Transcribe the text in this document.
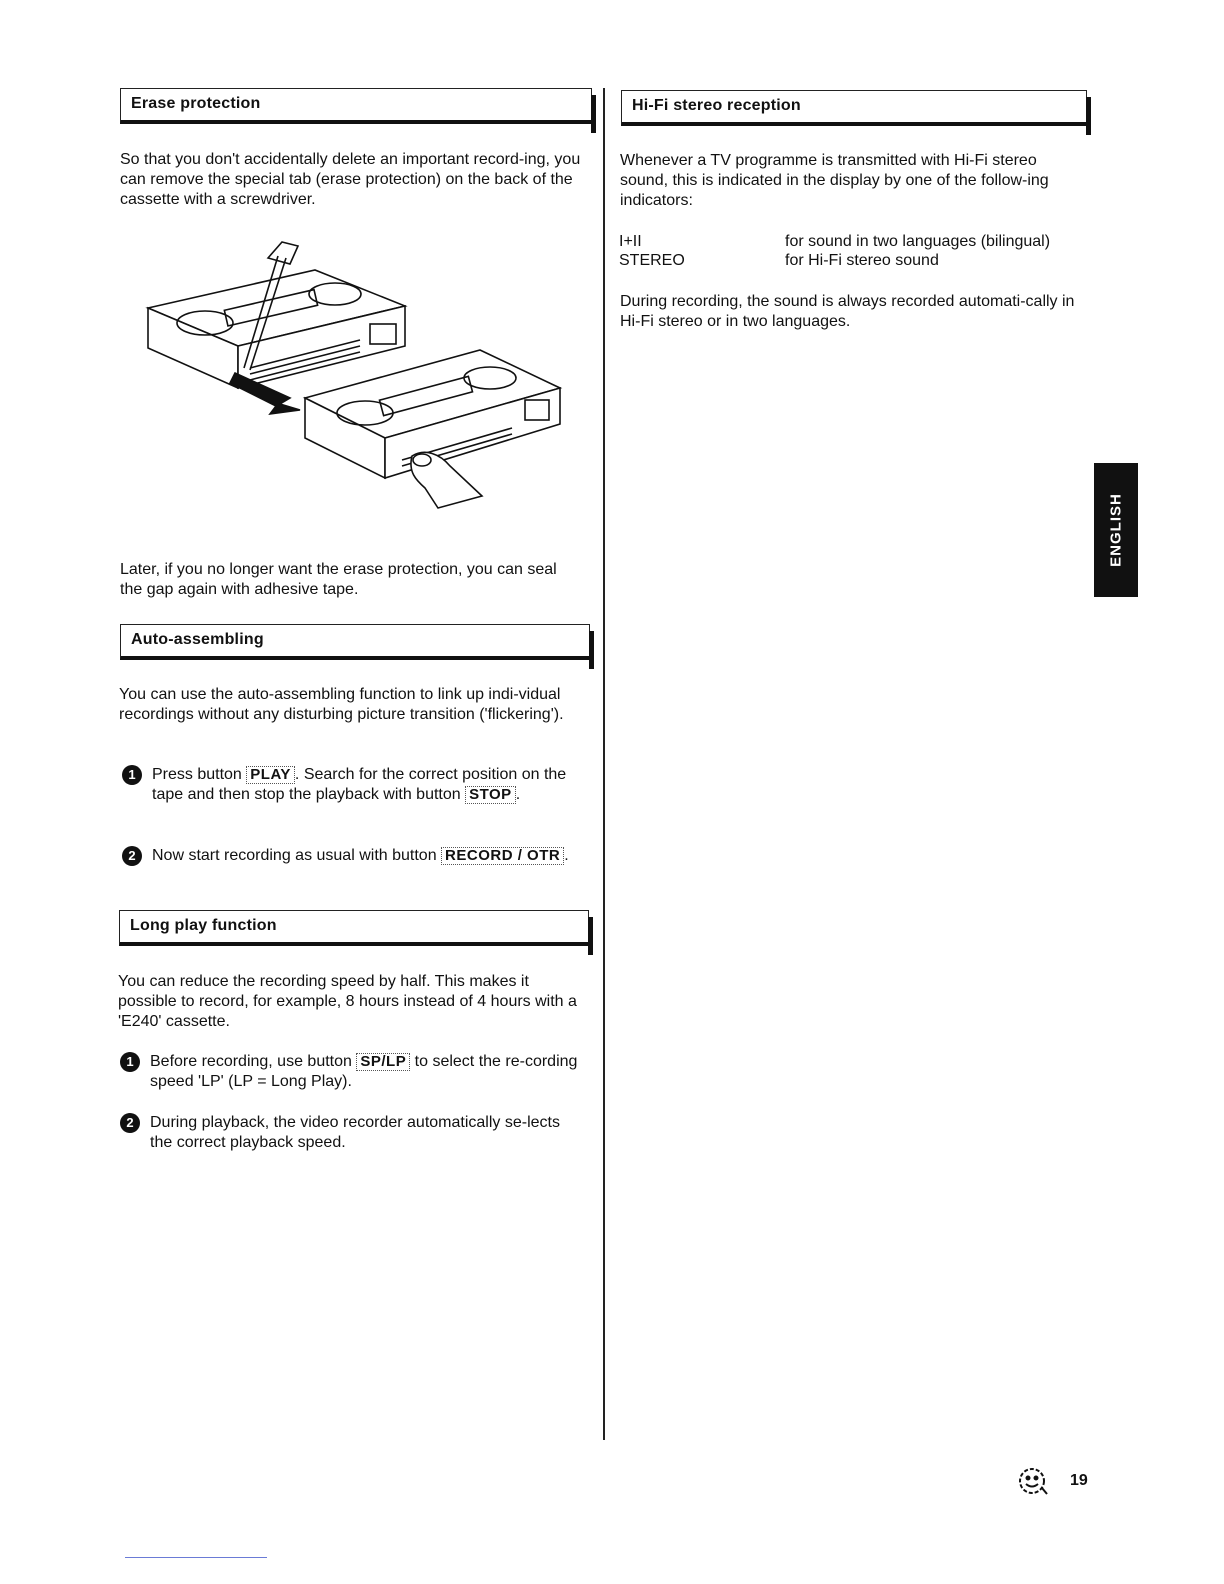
Erase protection

So that you don't accidentally delete an important record-ing, you can remove the special tab (erase protection) on the back of the cassette with a screwdriver.

Later, if you no longer want the erase protection, you can seal the gap again with adhesive tape.

Auto-assembling

You can use the auto-assembling function to link up indi-vidual recordings without any disturbing picture transition ('flickering').

1	Press button PLAY . Search for the correct position on the tape and then stop the playback with button STOP .
2	Now start recording as usual with button RECORD / OTR .
Long play function

You can reduce the recording speed by half. This makes it possible to record, for example, 8 hours instead of 4 hours with a 'E240' cassette.

1	Before recording, use button SP/LP to select the re-cording speed 'LP' (LP = Long Play).
2	During playback, the video recorder automatically se-lects the correct playback speed.
Hi-Fi stereo reception

Whenever a TV programme is transmitted with Hi-Fi stereo sound, this is indicated in the display by one of the follow-ing indicators:

I+II	for sound in two languages (bilingual)
STEREO	for Hi-Fi stereo sound

During recording, the sound is always recorded automati-cally in Hi-Fi stereo or in two languages.

ENGLISH
19
